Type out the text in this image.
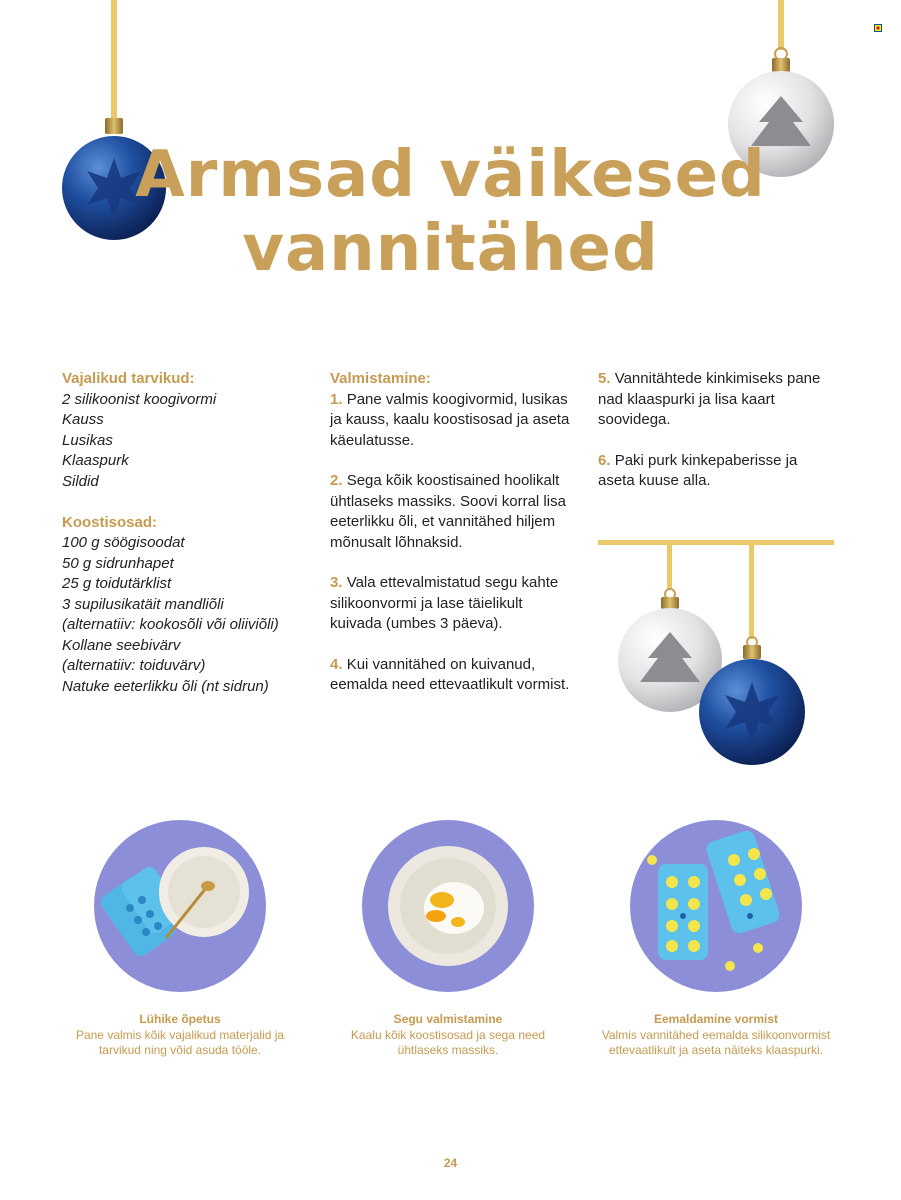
Armsad väikesed
vannitähed
Vajalikud tarvikud:
2 silikoonist koogivormi
Kauss
Lusikas
Klaaspurk
Sildid
Koostisosad:
100 g söögisoodat
50 g sidrunhapet
25 g toidutärklist
3 supilusikatäit mandliõli
(alternatiiv: kookosõli või oliiviõli)
Kollane seebivärv
(alternatiiv: toiduvärv)
Natuke eeterlikku õli (nt sidrun)
Valmistamine:

1. Pane valmis koogivormid, lusikas ja kauss, kaalu koostisosad ja aseta käeulatusse.

2. Sega kõik koostisained hoolikalt ühtlaseks massiks. Soovi korral lisa eeterlikku õli, et vannitähed hiljem mõnusalt lõhnaksid.

3. Vala ettevalmistatud segu kahte silikoonvormi ja lase täielikult kuivada (umbes 3 päeva).

4. Kui vannitähed on kuivanud, eemalda need ettevaatlikult vormist.

5. Vannitähtede kinkimiseks pane nad klaaspurki ja lisa kaart soovidega.

6. Paki purk kinkepaberisse ja aseta kuuse alla.

Lühike õpetus
Pane valmis kõik vajalikud materjalid ja tarvikud ning võid asuda tööle.
Segu valmistamine
Kaalu kõik koostisosad ja sega need ühtlaseks massiks.
Eemaldamine vormist
Valmis vannitähed eemalda silikoonvormist ettevaatlikult ja aseta näiteks klaaspurki.
24
